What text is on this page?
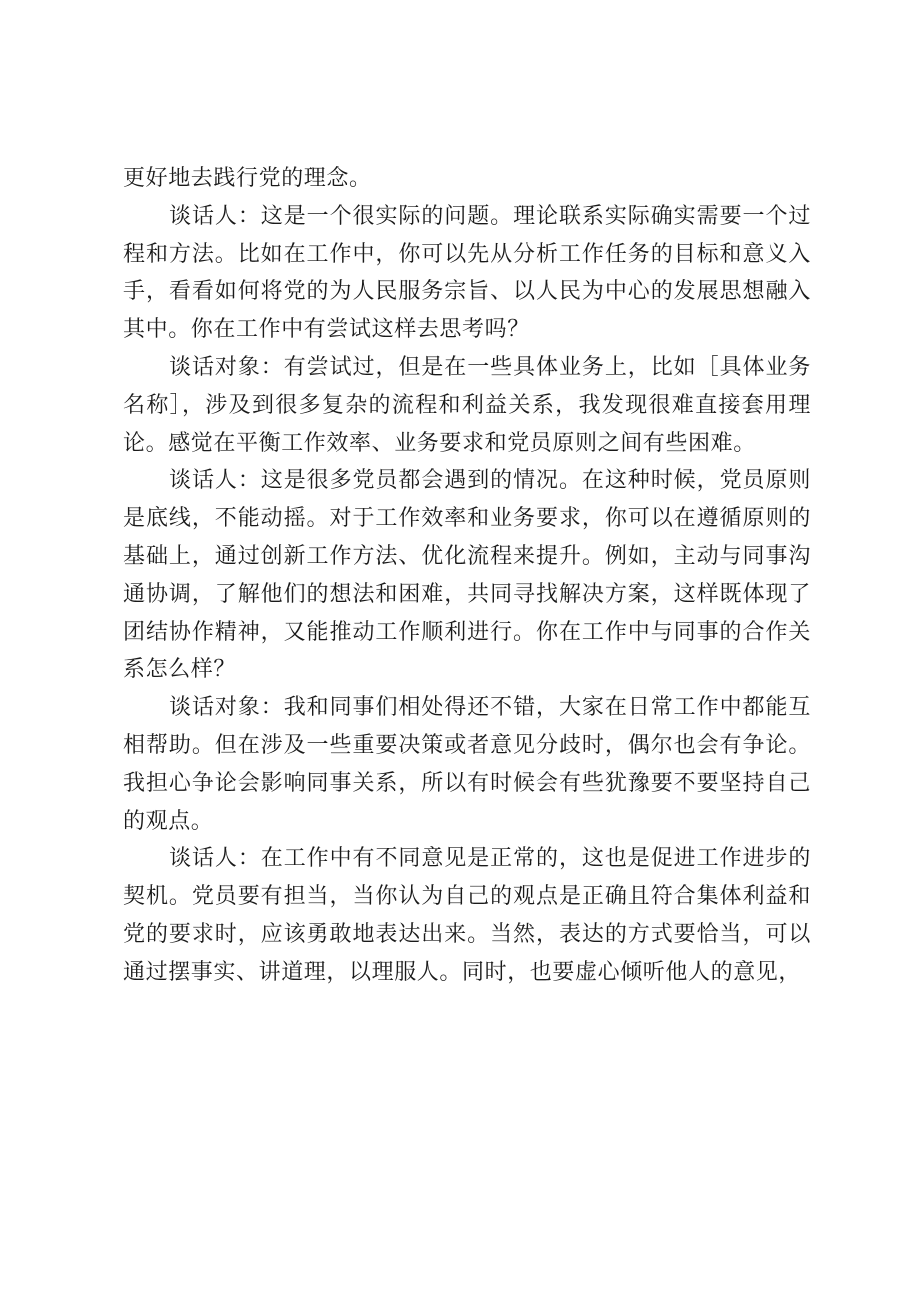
更好地去践行党的理念。

谈话人：这是一个很实际的问题。理论联系实际确实需要一个过程和方法。比如在工作中，你可以先从分析工作任务的目标和意义入手，看看如何将党的为人民服务宗旨、以人民为中心的发展思想融入其中。你在工作中有尝试这样去思考吗？

谈话对象：有尝试过，但是在一些具体业务上，比如［具体业务名称］，涉及到很多复杂的流程和利益关系，我发现很难直接套用理论。感觉在平衡工作效率、业务要求和党员原则之间有些困难。

谈话人：这是很多党员都会遇到的情况。在这种时候，党员原则是底线，不能动摇。对于工作效率和业务要求，你可以在遵循原则的基础上，通过创新工作方法、优化流程来提升。例如，主动与同事沟通协调，了解他们的想法和困难，共同寻找解决方案，这样既体现了团结协作精神，又能推动工作顺利进行。你在工作中与同事的合作关系怎么样？

谈话对象：我和同事们相处得还不错，大家在日常工作中都能互相帮助。但在涉及一些重要决策或者意见分歧时，偶尔也会有争论。我担心争论会影响同事关系，所以有时候会有些犹豫要不要坚持自己的观点。

谈话人：在工作中有不同意见是正常的，这也是促进工作进步的契机。党员要有担当，当你认为自己的观点是正确且符合集体利益和党的要求时，应该勇敢地表达出来。当然，表达的方式要恰当，可以通过摆事实、讲道理，以理服人。同时，也要虚心倾听他人的意见，
